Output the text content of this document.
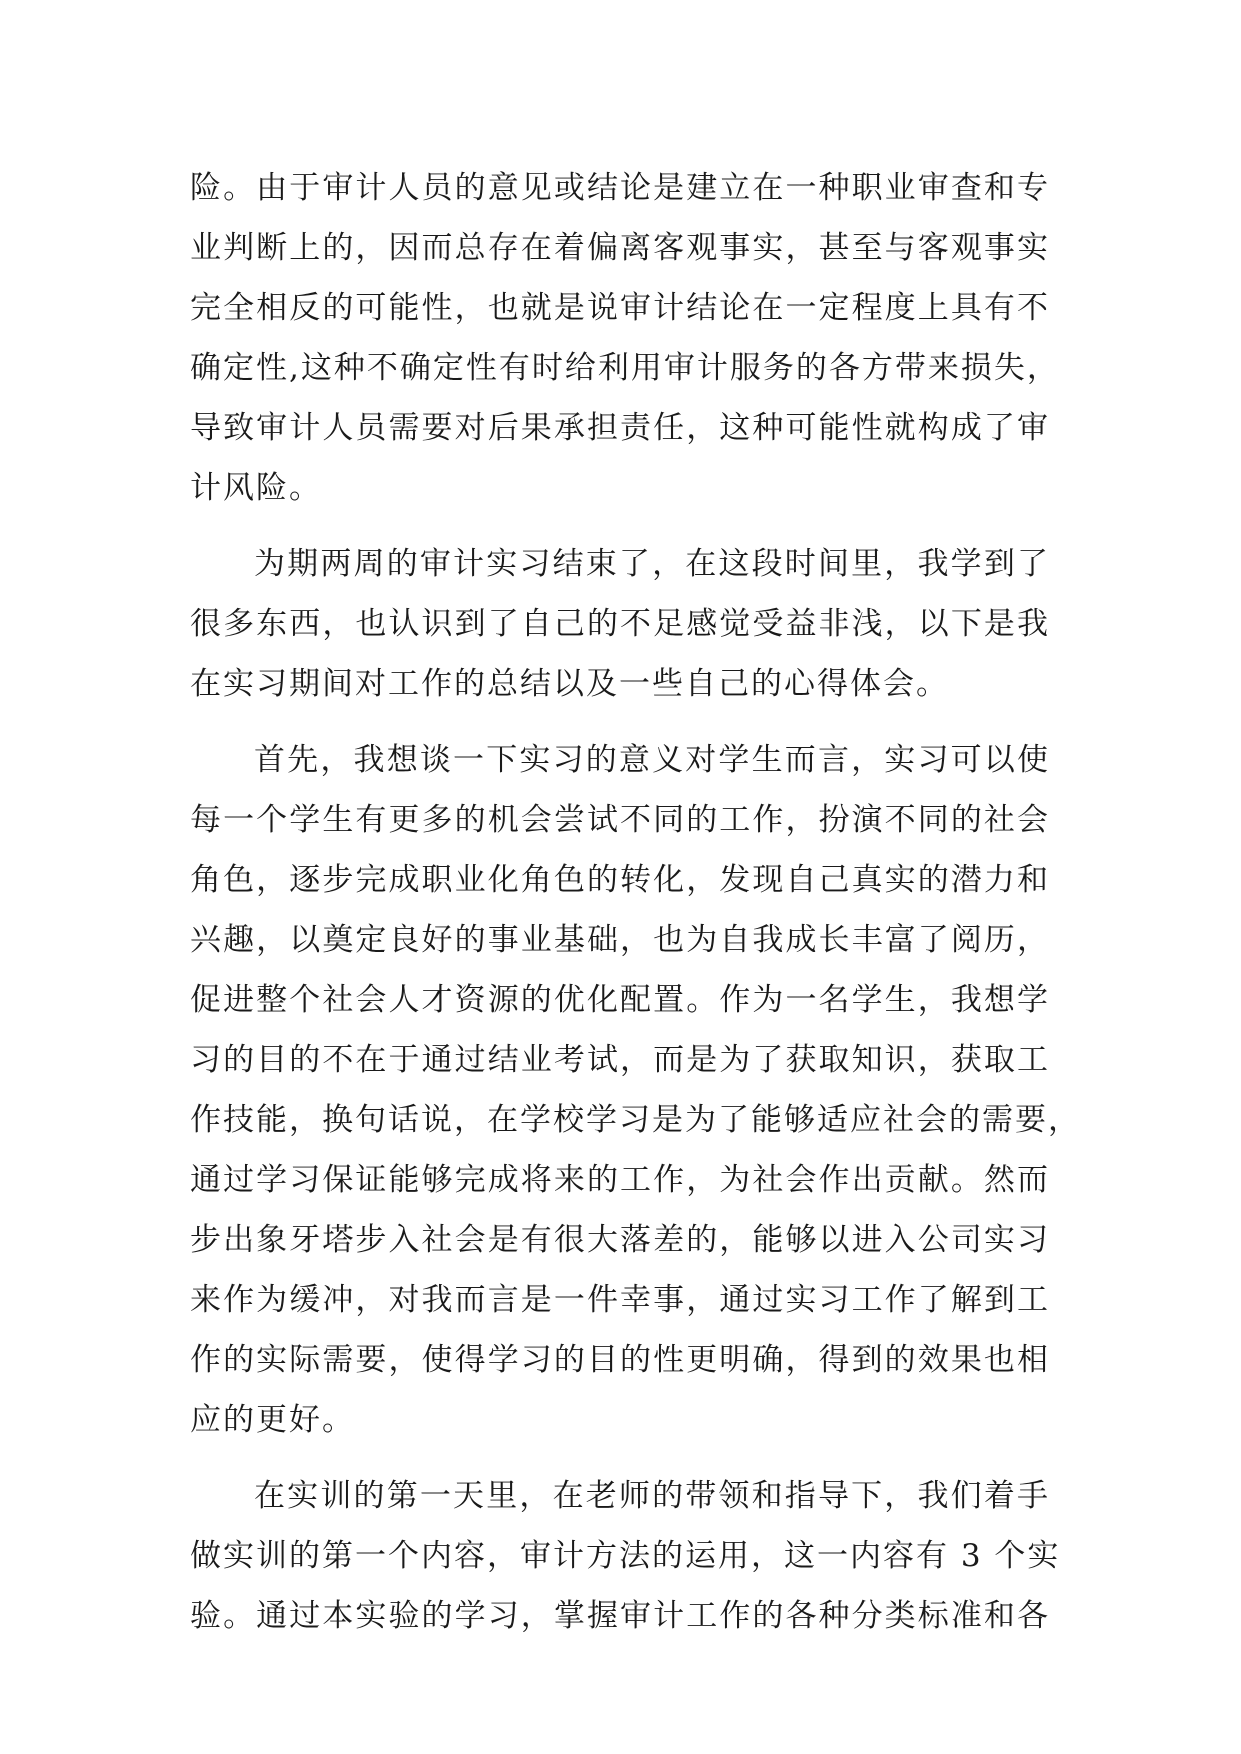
险。由于审计人员的意见或结论是建立在一种职业审查和专
业判断上的，因而总存在着偏离客观事实，甚至与客观事实
完全相反的可能性，也就是说审计结论在一定程度上具有不
确定性,这种不确定性有时给利用审计服务的各方带来损失，
导致审计人员需要对后果承担责任，这种可能性就构成了审
计风险。
为期两周的审计实习结束了，在这段时间里，我学到了
很多东西，也认识到了自己的不足感觉受益非浅，以下是我
在实习期间对工作的总结以及一些自己的心得体会。
首先，我想谈一下实习的意义对学生而言，实习可以使
每一个学生有更多的机会尝试不同的工作，扮演不同的社会
角色，逐步完成职业化角色的转化，发现自己真实的潜力和
兴趣，以奠定良好的事业基础，也为自我成长丰富了阅历，
促进整个社会人才资源的优化配置。作为一名学生，我想学
习的目的不在于通过结业考试，而是为了获取知识，获取工
作技能，换句话说，在学校学习是为了能够适应社会的需要，
通过学习保证能够完成将来的工作，为社会作出贡献。然而
步出象牙塔步入社会是有很大落差的，能够以进入公司实习
来作为缓冲，对我而言是一件幸事，通过实习工作了解到工
作的实际需要，使得学习的目的性更明确，得到的效果也相
应的更好。
在实训的第一天里，在老师的带领和指导下，我们着手
做实训的第一个内容，审计方法的运用，这一内容有 3 个实
验。通过本实验的学习，掌握审计工作的各种分类标准和各
